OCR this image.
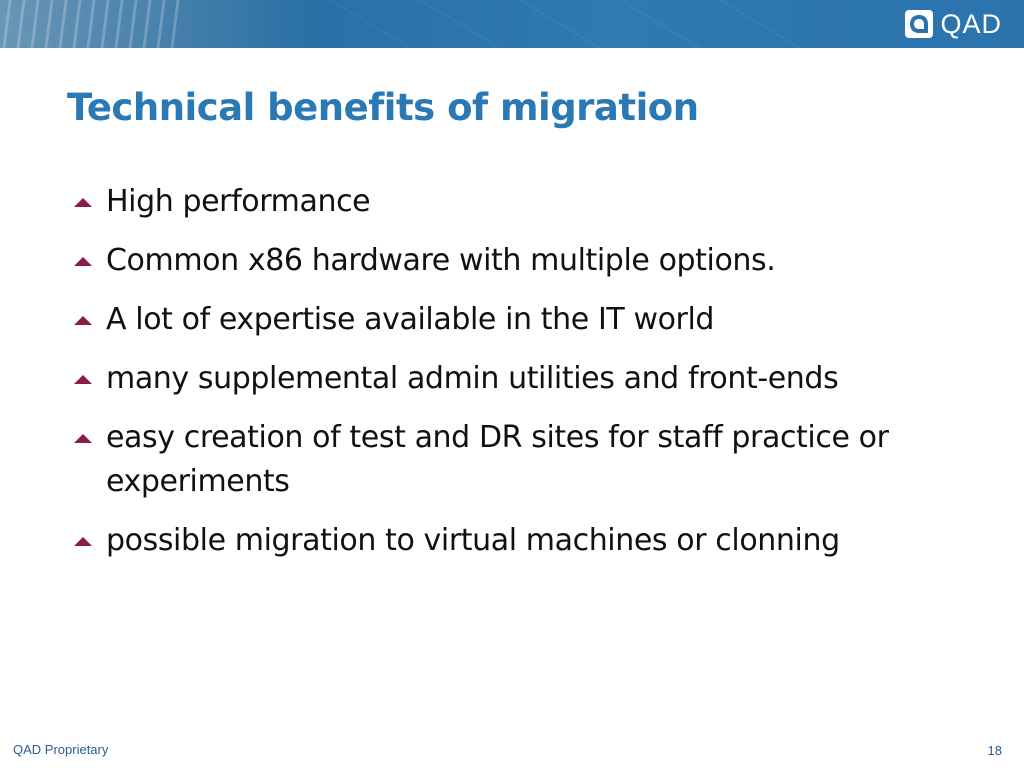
QAD
Technical benefits of migration
High performance
Common x86 hardware with multiple options.
A lot of expertise available in the IT world
many supplemental admin utilities and front-ends
easy creation of test and DR sites for staff practice or experiments
possible migration to virtual machines or clonning
QAD Proprietary	18
